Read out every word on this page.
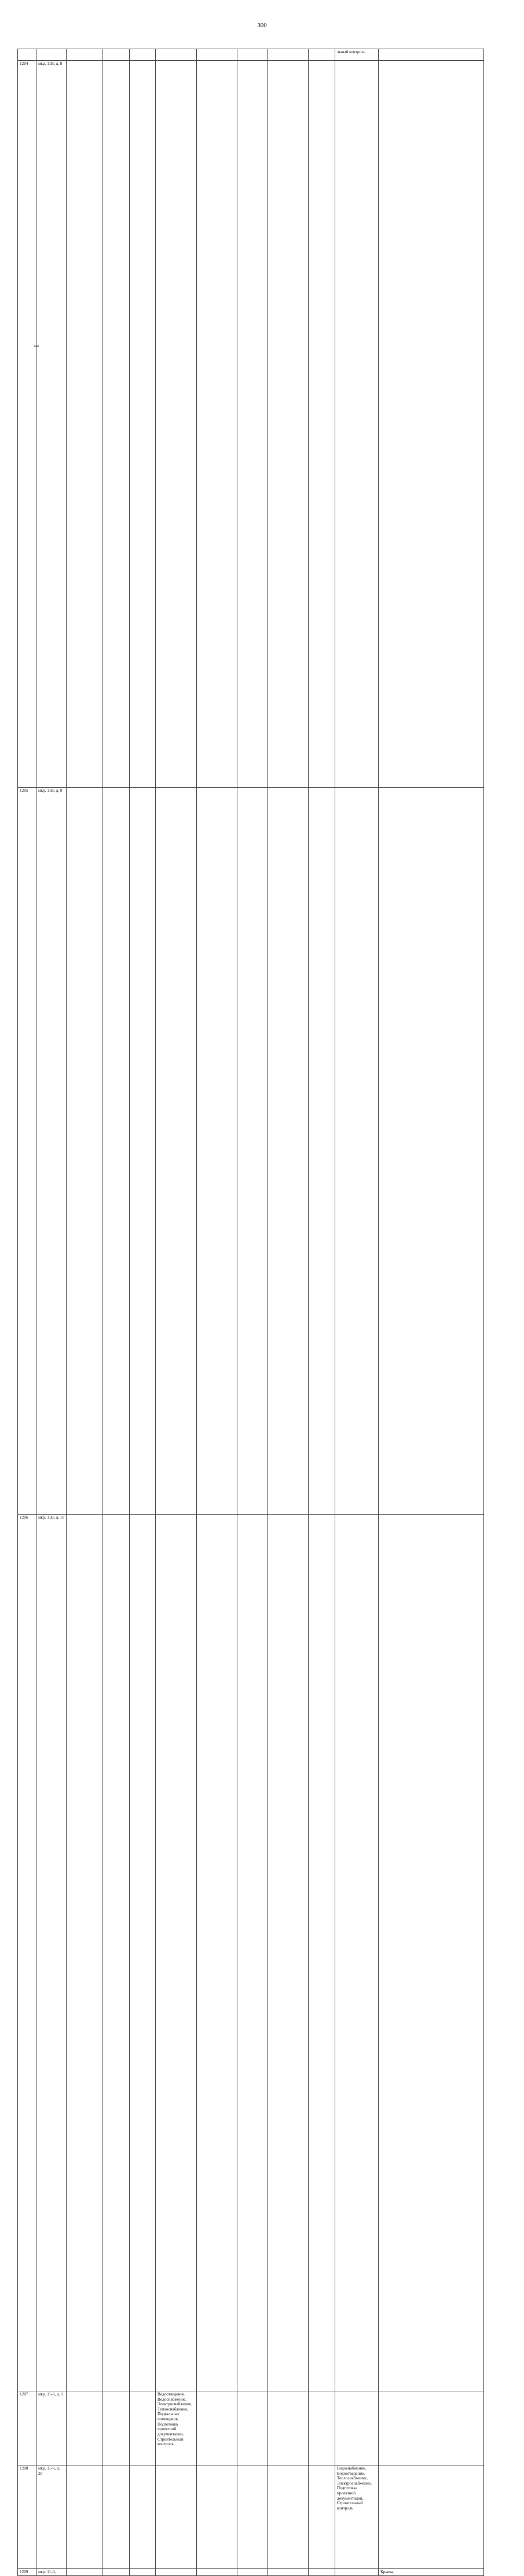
300
										льный контроль		
1204	мкр. 11В, д. 8											
1205	мкр. 11В, д. 9											
1206	мкр. 11В, д. 10											
1207	мкр. 11-й, д. 1				Водоотведение, Водоснабжение, Электроснабжение, Теплоснабжение, Подвальные помещения, Подготовка проектной документации, Строительный контроль							
1208	мкр. 11-й, д. 28									Водоснабжение, Водоотведение, Теплоснабжение, Электроснабжение, Подготовка проектной документации, Строительный контроль		
1209	мкр. 11-й,										Крыша,	
нн
